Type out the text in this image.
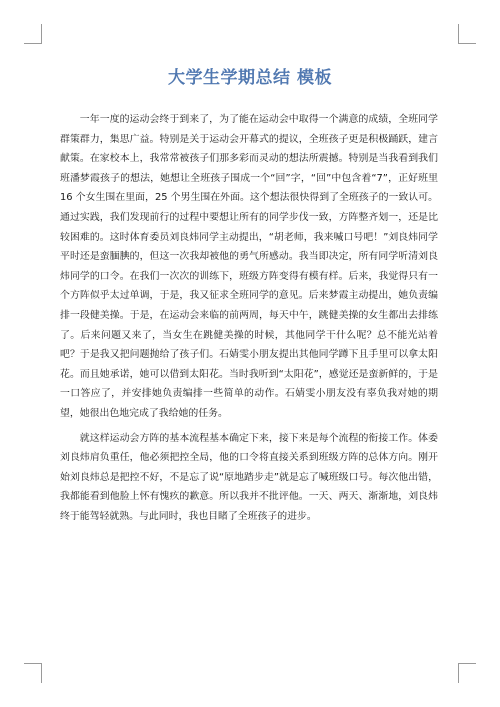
大学生学期总结 模板

一年一度的运动会终于到来了，为了能在运动会中取得一个满意的成绩，全班同学群策群力，集思广益。特别是关于运动会开幕式的提议，全班孩子更是积极踊跃，建言献策。在家校本上，我常常被孩子们那多彩而灵动的想法所震撼。特别是当我看到我们班潘梦霞孩子的想法，她想让全班孩子围成一个“回”字，“回”中包含着“7”，正好班里 16 个女生围在里面，25 个男生围在外面。这个想法很快得到了全班孩子的一致认可。通过实践，我们发现前行的过程中要想让所有的同学步伐一致，方阵整齐划一，还是比较困难的。这时体育委员刘良炜同学主动提出，“胡老师，我来喊口号吧！”刘良炜同学平时还是蛮腼腆的，但这一次我却被他的勇气所感动。我当即决定，所有同学听清刘良炜同学的口令。在我们一次次的训练下，班级方阵变得有模有样。后来，我觉得只有一个方阵似乎太过单调，于是，我又征求全班同学的意见。后来梦霞主动提出，她负责编排一段健美操。于是，在运动会来临的前两周，每天中午，跳健美操的女生都出去排练了。后来问题又来了，当女生在跳健美操的时候，其他同学干什么呢？总不能光站着吧？于是我又把问题抛给了孩子们。石婧雯小朋友提出其他同学蹲下且手里可以拿太阳花。而且她承诺，她可以借到太阳花。当时我听到“太阳花”，感觉还是蛮新鲜的，于是一口答应了，并安排她负责编排一些简单的动作。石婧雯小朋友没有辜负我对她的期望，她很出色地完成了我给她的任务。

就这样运动会方阵的基本流程基本确定下来，接下来是每个流程的衔接工作。体委刘良炜肩负重任，他必须把控全局，他的口令将直接关系到班级方阵的总体方向。刚开始刘良炜总是把控不好，不是忘了说“原地踏步走”就是忘了喊班级口号。每次他出错，我都能看到他脸上怀有愧疚的歉意。所以我并不批评他。一天、两天、渐渐地，刘良炜终于能驾轻就熟。与此同时，我也目睹了全班孩子的进步。
